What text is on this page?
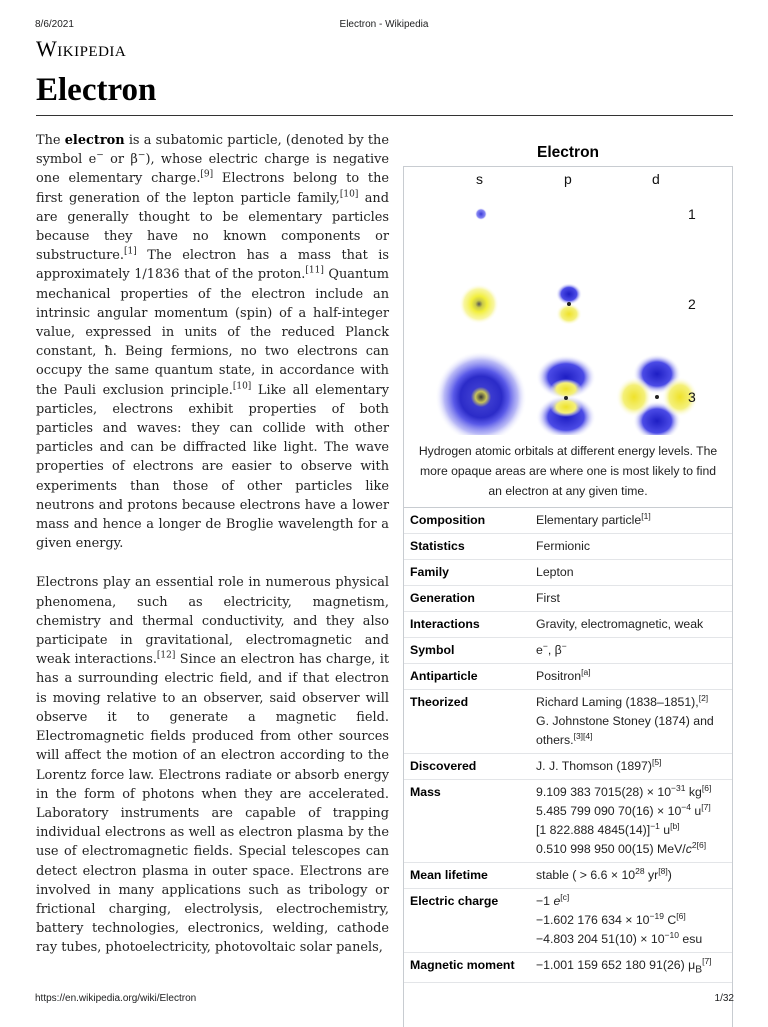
8/6/2021	Electron - Wikipedia
Wikipedia
Electron

The electron is a subatomic particle, (denoted by the symbol e− or β−), whose electric charge is negative one elementary charge.[9] Electrons belong to the first generation of the lepton particle family,[10] and are generally thought to be elementary particles because they have no known components or substructure.[1] The electron has a mass that is approximately 1/1836 that of the proton.[11] Quantum mechanical properties of the electron include an intrinsic angular momentum (spin) of a half-integer value, expressed in units of the reduced Planck constant, ħ. Being fermions, no two electrons can occupy the same quantum state, in accordance with the Pauli exclusion principle.[10] Like all elementary particles, electrons exhibit properties of both particles and waves: they can collide with other particles and can be diffracted like light. The wave properties of electrons are easier to observe with experiments than those of other particles like neutrons and protons because electrons have a lower mass and hence a longer de Broglie wavelength for a given energy.

Electrons play an essential role in numerous physical phenomena, such as electricity, magnetism, chemistry and thermal conductivity, and they also participate in gravitational, electromagnetic and weak interactions.[12] Since an electron has charge, it has a surrounding electric field, and if that electron is moving relative to an observer, said observer will observe it to generate a magnetic field. Electromagnetic fields produced from other sources will affect the motion of an electron according to the Lorentz force law. Electrons radiate or absorb energy in the form of photons when they are accelerated. Laboratory instruments are capable of trapping individual electrons as well as electron plasma by the use of electromagnetic fields. Special telescopes can detect electron plasma in outer space. Electrons are involved in many applications such as tribology or frictional charging, electrolysis, electrochemistry, battery technologies, electronics, welding, cathode ray tubes, photoelectricity, photovoltaic solar panels,

Electron
s	p	d
1
2
3
Hydrogen atomic orbitals at different energy levels. The more opaque areas are where one is most likely to find an electron at any given time.
Composition	Elementary particle[1]
Statistics	Fermionic
Family	Lepton
Generation	First
Interactions	Gravity, electromagnetic, weak
Symbol	e−, β−
Antiparticle	Positron[a]
Theorized	Richard Laming (1838–1851),[2]
G. Johnstone Stoney (1874) and others.[3][4]
Discovered	J. J. Thomson (1897)[5]
Mass	9.109 383 $7015(28) \times 10^{-31}$ kg[6]
5.485 799 090 $70(16) \times 10^{-4}$ u[7]
[1 822.888 4845(14)]$^{-1}$ u[b]
0.510 998 950 00(15) MeV/$c^{2[6]}$
Mean lifetime	stable ( > $6.6 \times 10^{28}$ yr[8])
Electric charge	−1 e[c]
−1.602 176 $634 \times 10^{-19}$ C[6]
−4.803 204 $51(10) \times 10^{-10}$ esu
Magnetic moment	−1.001 159 652 180 91(26) $\mu_B[7]$
https://en.wikipedia.org/wiki/Electron	1/32
